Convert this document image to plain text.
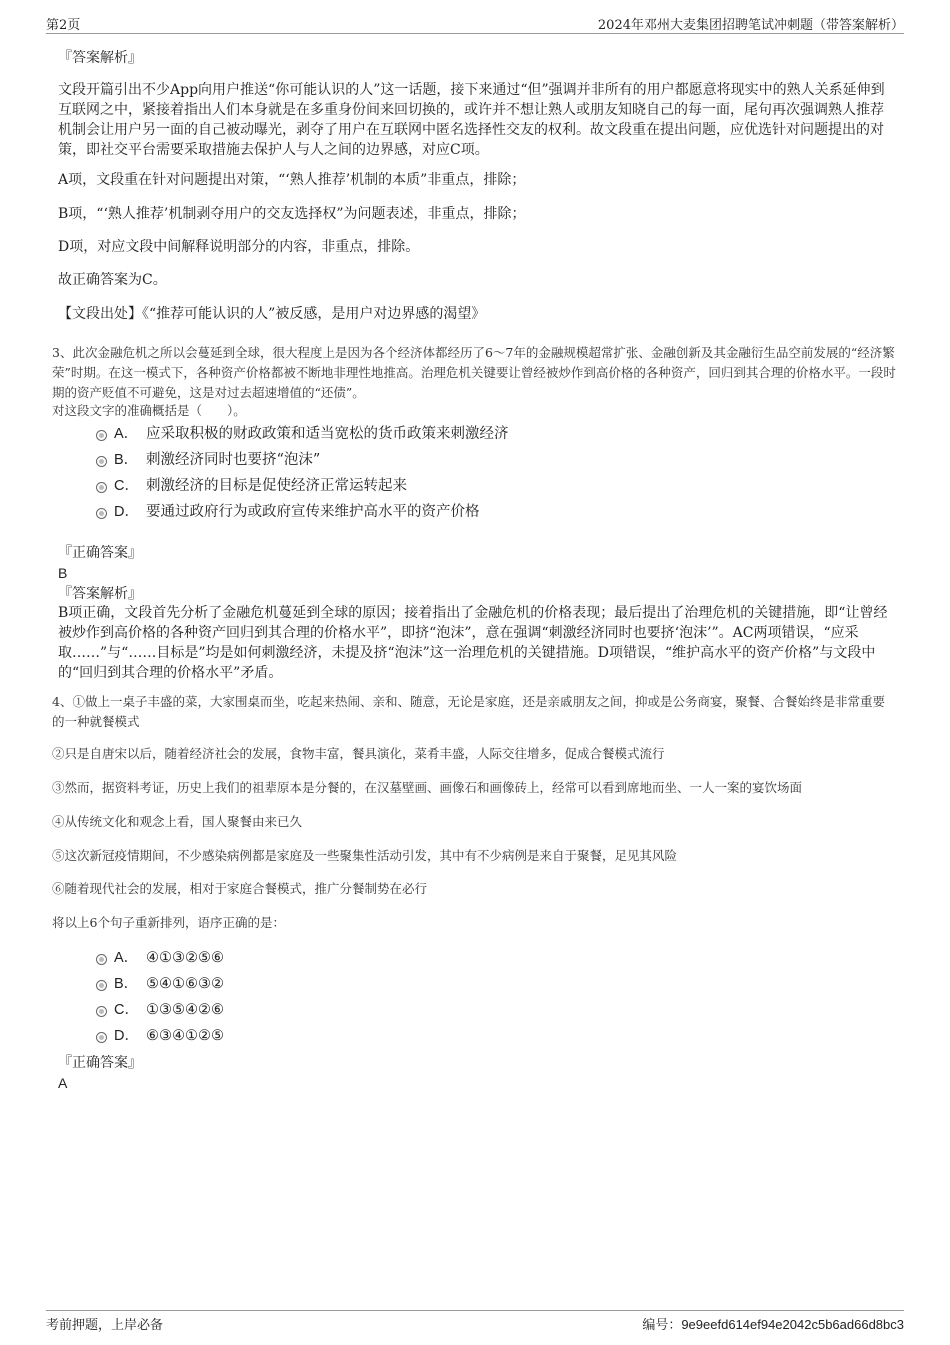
第2页	2024年邓州大麦集团招聘笔试冲刺题（带答案解析）

『答案解析』

文段开篇引出不少App向用户推送“你可能认识的人”这一话题，接下来通过“但”强调并非所有的用户都愿意将现实中的熟人关系延伸到互联网之中，紧接着指出人们本身就是在多重身份间来回切换的，或许并不想让熟人或朋友知晓自己的每一面，尾句再次强调熟人推荐机制会让用户另一面的自己被动曝光，剥夺了用户在互联网中匿名选择性交友的权利。故文段重在提出问题，应优选针对问题提出的对策，即社交平台需要采取措施去保护人与人之间的边界感，对应C项。

A项，文段重在针对问题提出对策，“‘熟人推荐’机制的本质”非重点，排除；

B项，“‘熟人推荐’机制剥夺用户的交友选择权”为问题表述，非重点，排除；

D项，对应文段中间解释说明部分的内容，非重点，排除。

故正确答案为C。

【文段出处】《“推荐可能认识的人”被反感，是用户对边界感的渴望》

3、此次金融危机之所以会蔓延到全球，很大程度上是因为各个经济体都经历了6～7年的金融规模超常扩张、金融创新及其金融衍生品空前发展的“经济繁荣”时期。在这一模式下，各种资产价格都被不断地非理性地推高。治理危机关键要让曾经被炒作到高价格的各种资产，回归到其合理的价格水平。一段时期的资产贬值不可避免，这是对过去超速增值的“还债”。

对这段文字的准确概括是（　　）。

A． 应采取积极的财政政策和适当宽松的货币政策来刺激经济
B． 刺激经济同时也要挤“泡沫”
C． 刺激经济的目标是促使经济正常运转起来
D． 要通过政府行为或政府宣传来维护高水平的资产价格

『正确答案』

B

『答案解析』

B项正确，文段首先分析了金融危机蔓延到全球的原因；接着指出了金融危机的价格表现；最后提出了治理危机的关键措施，即“让曾经被炒作到高价格的各种资产回归到其合理的价格水平”，即挤“泡沫”，意在强调“刺激经济同时也要挤‘泡沫’”。AC两项错误，“应采取……”与“……目标是”均是如何刺激经济，未提及挤“泡沫”这一治理危机的关键措施。D项错误，“维护高水平的资产价格”与文段中的“回归到其合理的价格水平”矛盾。

4、①做上一桌子丰盛的菜，大家围桌而坐，吃起来热闹、亲和、随意，无论是家庭，还是亲戚朋友之间，抑或是公务商宴，聚餐、合餐始终是非常重要的一种就餐模式

②只是自唐宋以后，随着经济社会的发展，食物丰富，餐具演化，菜肴丰盛，人际交往增多，促成合餐模式流行

③然而，据资料考证，历史上我们的祖辈原本是分餐的，在汉墓壁画、画像石和画像砖上，经常可以看到席地而坐、一人一案的宴饮场面

④从传统文化和观念上看，国人聚餐由来已久

⑤这次新冠疫情期间，不少感染病例都是家庭及一些聚集性活动引发，其中有不少病例是来自于聚餐，足见其风险

⑥随着现代社会的发展，相对于家庭合餐模式，推广分餐制势在必行

将以上6个句子重新排列，语序正确的是：

A． ④①③②⑤⑥
B． ⑤④①⑥③②
C． ①③⑤④②⑥
D． ⑥③④①②⑤

『正确答案』

A

考前押题，上岸必备	编号：9e9eefd614ef94e2042c5b6ad66d8bc3
